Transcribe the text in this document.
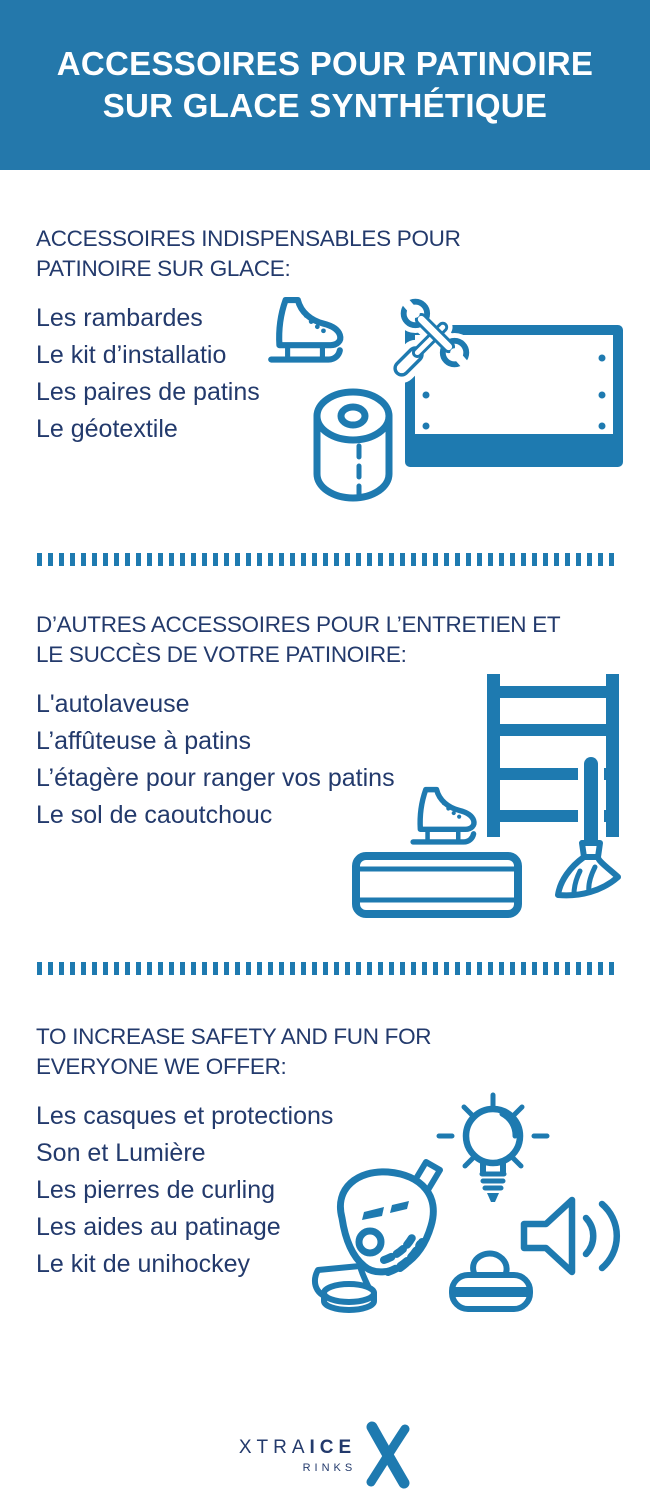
ACCESSOIRES POUR PATINOIRE
SUR GLACE SYNTHÉTIQUE
ACCESSOIRES INDISPENSABLES POUR
PATINOIRE SUR GLACE:
Les rambardes
Le kit d’installatio
Les paires de patins
Le géotextile
D’AUTRES ACCESSOIRES POUR L’ENTRETIEN ET
LE SUCCÈS DE VOTRE PATINOIRE:
L'autolaveuse
L’affûteuse à patins
L’étagère pour ranger vos patins
Le sol de caoutchouc
TO INCREASE SAFETY AND FUN FOR
EVERYONE WE OFFER:
Les casques et protections
Son et Lumière
Les pierres de curling
Les aides au patinage
Le kit de unihockey
XTRAICE
RINKS
